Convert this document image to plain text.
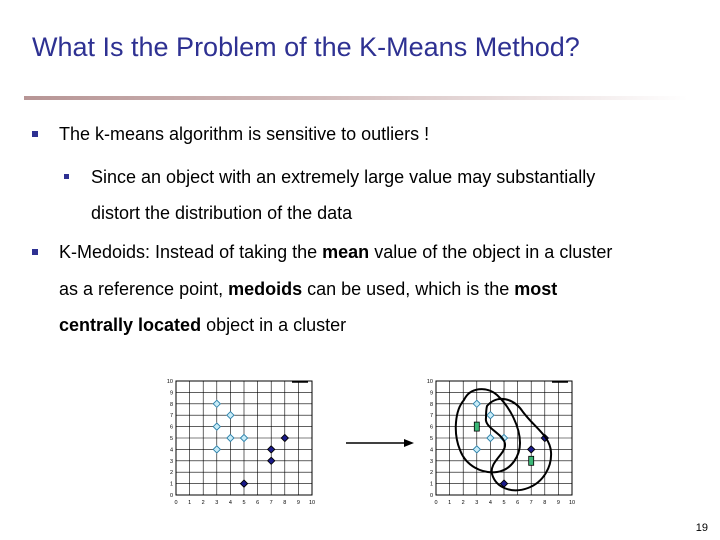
What Is the Problem of the K-Means Method?
The k-means algorithm is sensitive to outliers !
Since an object with an extremely large value may substantially
distort the distribution of the data
K-Medoids: Instead of taking the mean value of the object in a cluster
as a reference point, medoids can be used, which is the most
centrally located object in a cluster
0 1 2 3 4 5 6 7 8 9 10
0
1
2
3
4
5
6
7
8
9
10
0 1 2 3 4 5 6 7 8 9 10
0
1
2
3
4
5
6
7
8
9
10
19
